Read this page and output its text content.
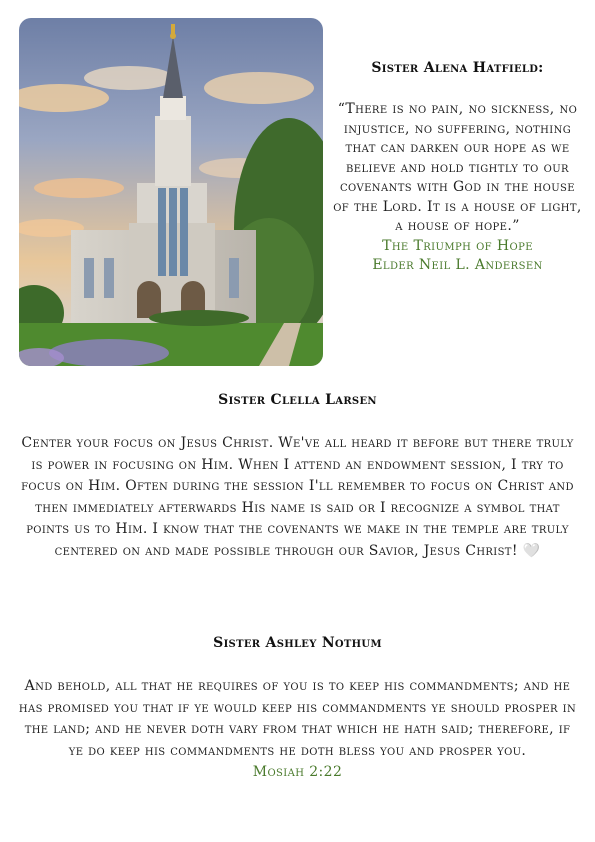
Sister Alena Hatfield:
“There is no pain, no sickness, no injustice, no suffering, nothing that can darken our hope as we believe and hold tightly to our covenants with God in the house of the Lord. It is a house of light, a house of hope.”
The Triumph of Hope
Elder Neil L. Andersen
Sister Clella Larsen
Center your focus on Jesus Christ. We've all heard it before but there truly is power in focusing on Him. When I attend an endowment session, I try to focus on Him. Often during the session I'll remember to focus on Christ and then immediately afterwards His name is said or I recognize a symbol that points us to Him. I know that the covenants we make in the temple are truly centered on and made possible through our Savior, Jesus Christ! 🤍
Sister Ashley Nothum
And behold, all that he requires of you is to keep his commandments; and he has promised you that if ye would keep his commandments ye should prosper in the land; and he never doth vary from that which he hath said; therefore, if ye do keep his commandments he doth bless you and prosper you.
Mosiah 2:22
